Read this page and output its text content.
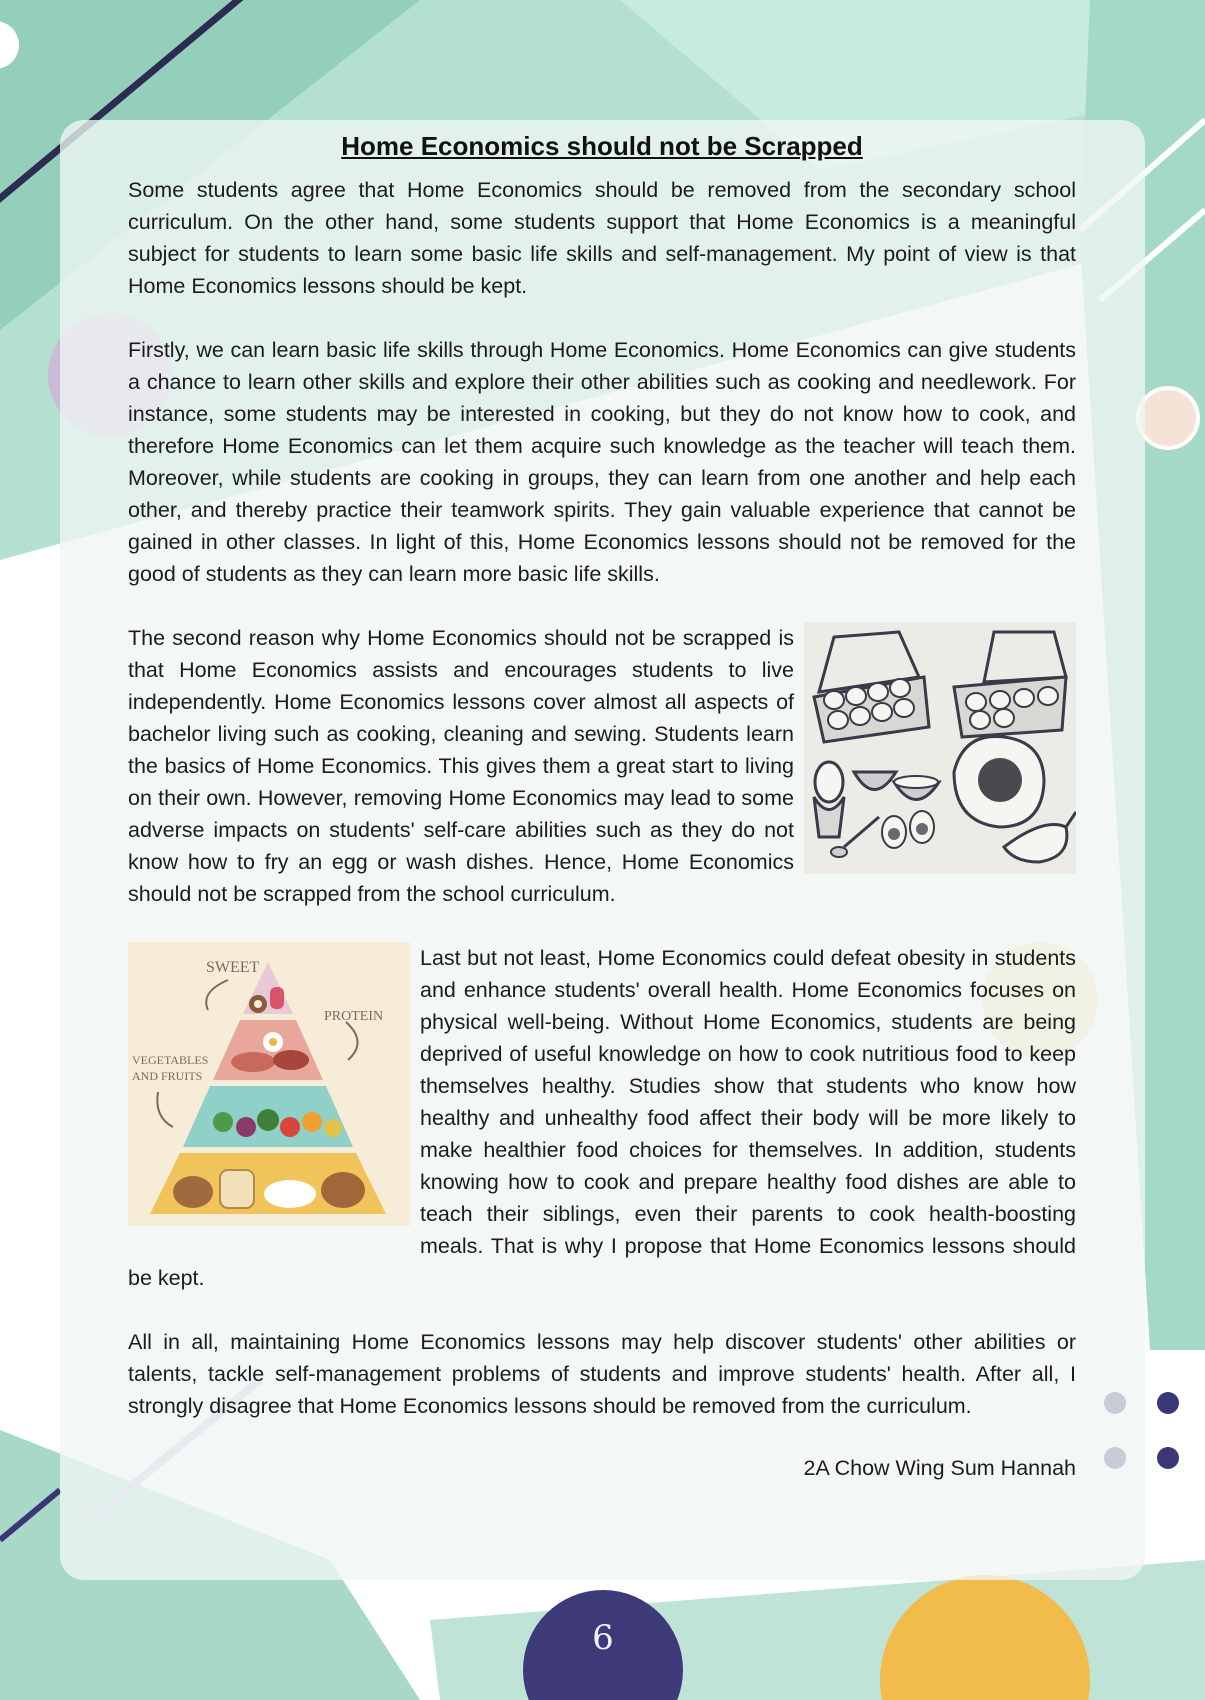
Home Economics should not be Scrapped

Some students agree that Home Economics should be removed from the secondary school curriculum. On the other hand, some students support that Home Economics is a meaningful subject for students to learn some basic life skills and self-management. My point of view is that Home Economics lessons should be kept.

Firstly, we can learn basic life skills through Home Economics. Home Economics can give students a chance to learn other skills and explore their other abilities such as cooking and needlework. For instance, some students may be interested in cooking, but they do not know how to cook, and therefore Home Economics can let them acquire such knowledge as the teacher will teach them. Moreover, while students are cooking in groups, they can learn from one another and help each other, and thereby practice their teamwork spirits. They gain valuable experience that cannot be gained in other classes. In light of this, Home Economics lessons should not be removed for the good of students as they can learn more basic life skills.

The second reason why Home Economics should not be scrapped is that Home Economics assists and encourages students to live independently. Home Economics lessons cover almost all aspects of bachelor living such as cooking, cleaning and sewing. Students learn the basics of Home Economics. This gives them a great start to living on their own. However, removing Home Economics may lead to some adverse impacts on students' self-care abilities such as they do not know how to fry an egg or wash dishes. Hence, Home Economics should not be scrapped from the school curriculum.

SWEET
PROTEIN
VEGETABLES
AND FRUITS

Last but not least, Home Economics could defeat obesity in students and enhance students' overall health. Home Economics focuses on physical well-being. Without Home Economics, students are being deprived of useful knowledge on how to cook nutritious food to keep themselves healthy. Studies show that students who know how healthy and unhealthy food affect their body will be more likely to make healthier food choices for themselves. In addition, students knowing how to cook and prepare healthy food dishes are able to teach their siblings, even their parents to cook health-boosting meals. That is why I propose that Home Economics lessons should be kept.

All in all, maintaining Home Economics lessons may help discover students' other abilities or talents, tackle self-management problems of students and improve students' health. After all, I strongly disagree that Home Economics lessons should be removed from the curriculum.

2A Chow Wing Sum Hannah

6
